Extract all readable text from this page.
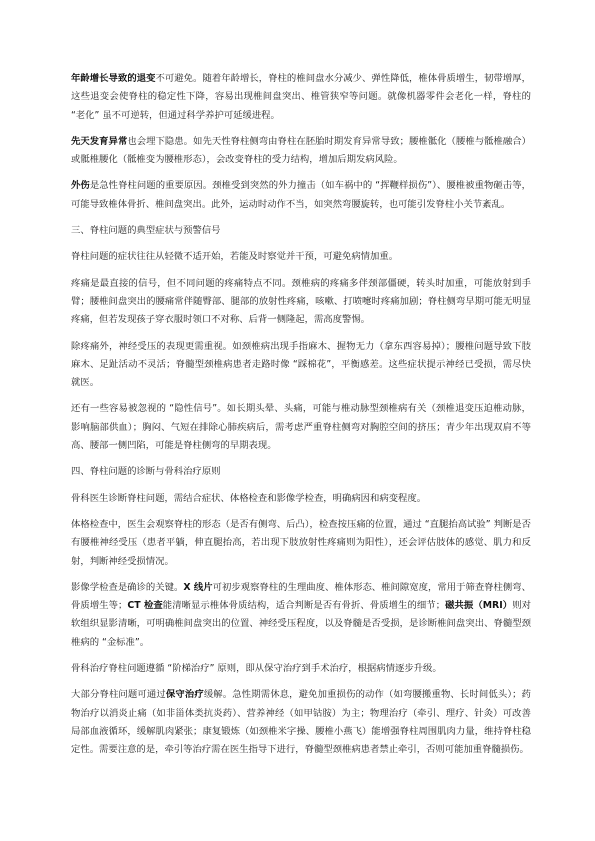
年龄增长导致的退变不可避免。随着年龄增长，脊柱的椎间盘水分减少、弹性降低，椎体骨质增生，韧带增厚，这些退变会使脊柱的稳定性下降，容易出现椎间盘突出、椎管狭窄等问题。就像机器零件会老化一样，脊柱的 “老化” 虽不可逆转，但通过科学养护可延缓进程。

先天发育异常也会埋下隐患。如先天性脊柱侧弯由脊柱在胚胎时期发育异常导致；腰椎骶化（腰椎与骶椎融合）或骶椎腰化（骶椎变为腰椎形态），会改变脊柱的受力结构，增加后期发病风险。

外伤是急性脊柱问题的重要原因。颈椎受到突然的外力撞击（如车祸中的 “挥鞭样损伤”）、腰椎被重物砸击等，可能导致椎体骨折、椎间盘突出。此外，运动时动作不当，如突然弯腰旋转，也可能引发脊柱小关节紊乱。

三、脊柱问题的典型症状与预警信号

脊柱问题的症状往往从轻微不适开始，若能及时察觉并干预，可避免病情加重。

疼痛是最直接的信号，但不同问题的疼痛特点不同。颈椎病的疼痛多伴颈部僵硬，转头时加重，可能放射到手臂；腰椎间盘突出的腰痛常伴随臀部、腿部的放射性疼痛，咳嗽、打喷嚏时疼痛加剧；脊柱侧弯早期可能无明显疼痛，但若发现孩子穿衣服时领口不对称、后背一侧隆起，需高度警惕。

除疼痛外，神经受压的表现更需重视。如颈椎病出现手指麻木、握物无力（拿东西容易掉）；腰椎问题导致下肢麻木、足趾活动不灵活；脊髓型颈椎病患者走路时像 “踩棉花”，平衡感差。这些症状提示神经已受损，需尽快就医。

还有一些容易被忽视的 “隐性信号”。如长期头晕、头痛，可能与椎动脉型颈椎病有关（颈椎退变压迫椎动脉，影响脑部供血）；胸闷、气短在排除心肺疾病后，需考虑严重脊柱侧弯对胸腔空间的挤压；青少年出现双肩不等高、腰部一侧凹陷，可能是脊柱侧弯的早期表现。

四、脊柱问题的诊断与骨科治疗原则

骨科医生诊断脊柱问题，需结合症状、体格检查和影像学检查，明确病因和病变程度。

体格检查中，医生会观察脊柱的形态（是否有侧弯、后凸），检查按压痛的位置，通过 “直腿抬高试验” 判断是否有腰椎神经受压（患者平躺，伸直腿抬高，若出现下肢放射性疼痛则为阳性），还会评估肢体的感觉、肌力和反射，判断神经受损情况。

影像学检查是确诊的关键。X 线片可初步观察脊柱的生理曲度、椎体形态、椎间隙宽度，常用于筛查脊柱侧弯、骨质增生等；CT 检查能清晰显示椎体骨质结构，适合判断是否有骨折、骨质增生的细节；磁共振（MRI）则对软组织显影清晰，可明确椎间盘突出的位置、神经受压程度，以及脊髓是否受损，是诊断椎间盘突出、脊髓型颈椎病的 “金标准”。

骨科治疗脊柱问题遵循 “阶梯治疗” 原则，即从保守治疗到手术治疗，根据病情逐步升级。

大部分脊柱问题可通过保守治疗缓解。急性期需休息，避免加重损伤的动作（如弯腰搬重物、长时间低头）；药物治疗以消炎止痛（如非甾体类抗炎药）、营养神经（如甲钴胺）为主；物理治疗（牵引、理疗、针灸）可改善局部血液循环，缓解肌肉紧张；康复锻炼（如颈椎米字操、腰椎小燕飞）能增强脊柱周围肌肉力量，维持脊柱稳定性。需要注意的是，牵引等治疗需在医生指导下进行，脊髓型颈椎病患者禁止牵引，否则可能加重脊髓损伤。
